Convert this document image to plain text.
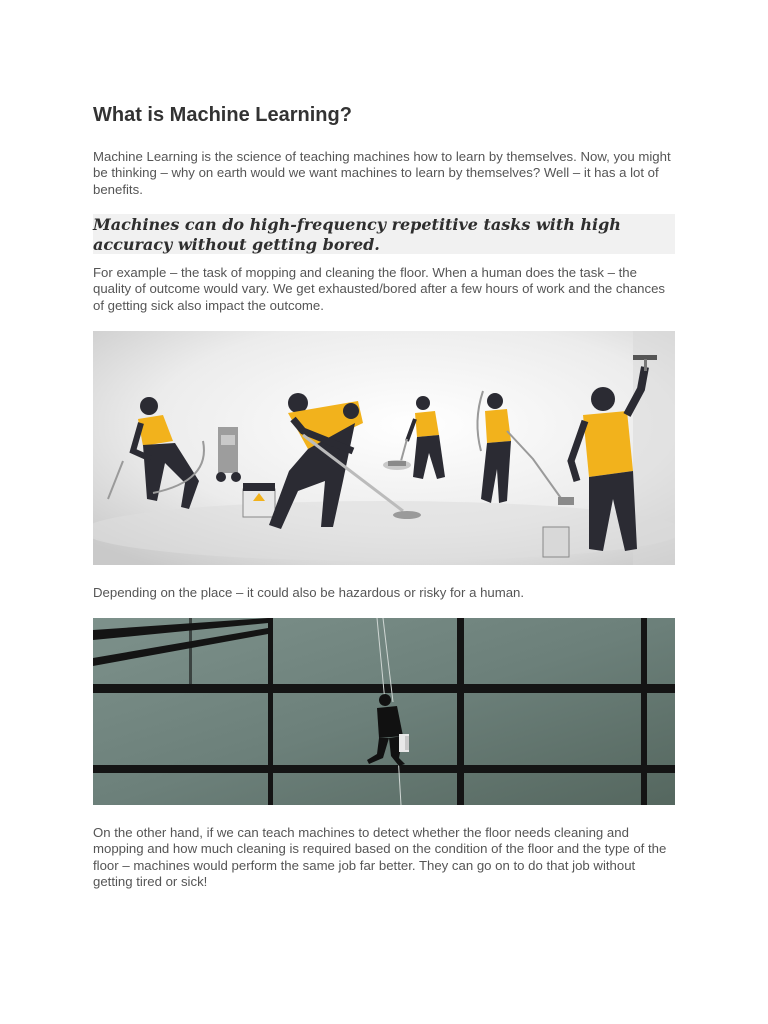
What is Machine Learning?

Machine Learning is the science of teaching machines how to learn by themselves. Now, you might be thinking – why on earth would we want machines to learn by themselves? Well – it has a lot of benefits.

Machines can do high-frequency repetitive tasks with high accuracy without getting bored.

For example – the task of mopping and cleaning the floor. When a human does the task – the quality of outcome would vary. We get exhausted/bored after a few hours of work and the chances of getting sick also impact the outcome.

Depending on the place – it could also be hazardous or risky for a human.

On the other hand, if we can teach machines to detect whether the floor needs cleaning and mopping and how much cleaning is required based on the condition of the floor and the type of the floor – machines would perform the same job far better. They can go on to do that job without getting tired or sick!
